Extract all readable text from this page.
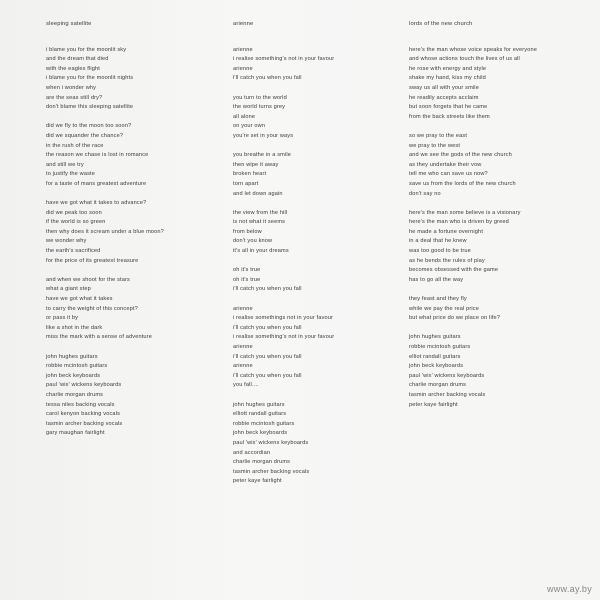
sleeping satellite
i blame you for the moonlit sky
and the dream that died
with the eagles flight
i blame you for the moonlit nights
when i wonder why
are the seas still dry?
don't blame this sleeping satellite
did we fly to the moon too soon?
did we squander the chance?
in the rush of the race
the reason we chase is lost in romance
and still we try
to justify the waste
for a taste of mans greatest adventure
have we got what it takes to advance?
did we peak too soon
if the world is so green
then why does it scream under a blue moon?
we wonder why
the earth's sacrificed
for the price of its greatest treasure
and when we shoot for the stars
what a giant step
have we got what it takes
to carry the weight of this concept?
or pass it by
like a shot in the dark
miss the mark with a sense of adventure
john hughes guitars
robbie mcintosh guitars
john beck keyboards
paul 'wix' wickens keyboards
charlie morgan drums
tessa niles backing vocals
carol kenyon backing vocals
tasmin archer backing vocals
gary maughan fairlight
arienne
arienne
i realise something's not in your favour
arienne
i'll catch you when you fall
you turn to the world
the world turns grey
all alone
on your own
you're set in your ways
you breathe in a smile
then wipe it away
broken heart
torn apart
and let down again
the view from the hill
is not what it seems
from below
don't you know
it's all in your dreams
oh it's true
oh it's true
i'll catch you when you fall
arienne
i realise somethings not in your favour
i'll catch you when you fall
i realise something's not in your favour
arienne
i'll catch you when you fall
arienne
i'll catch you when you fall
you fall....
john hughes guitars
elliott randall guitars
robbie mcintosh guitars
john beck keyboards
paul 'wix' wickens keyboards
and accordian
charlie morgan drums
tasmin archer backing vocals
peter kaye fairlight
lords of the new church
here's the man whose voice speaks for everyone
and whose actions touch the lives of us all
he rose with energy and style
shake my hand, kiss my child
sway us all with your smile
he readily accepts acclaim
but soon forgets that he came
from the back streets like them
so we pray to the east
we pray to the west
and we see the gods of the new church
as they undertake their vow
tell me who can save us now?
save us from the lords of the new church
don't say no
here's the man some believe is a visionary
here's the man who is driven by greed
he made a fortune overnight
in a deal that he knew
was too good to be true
as he bends the rules of play
becomes obsessed with the game
has to go all the way
they feast and they fly
while we pay the real price
but what price do we place on life?
john hughes guitars
robbie mcintosh guitars
elliot randall guitars
john beck keyboards
paul 'wix' wickens keyboards
charlie morgan drums
tasmin archer backing vocals
peter kaye fairlight
www.ay.by
